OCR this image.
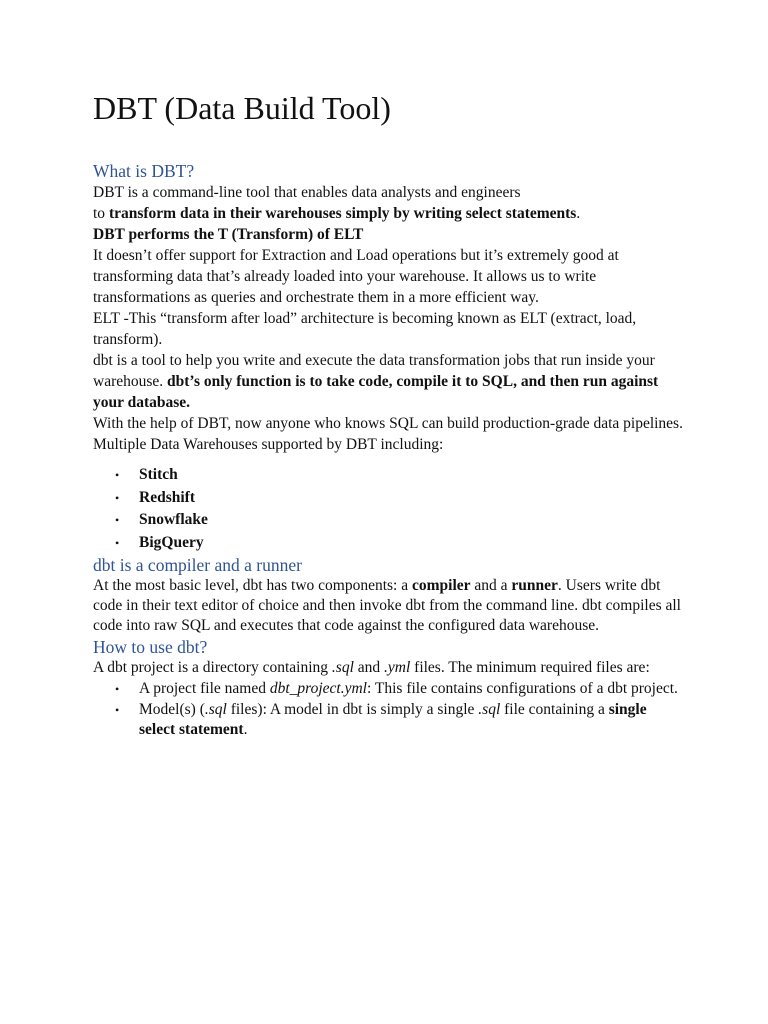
DBT (Data Build Tool)
What is DBT?

DBT is a command-line tool that enables data analysts and engineers
to transform data in their warehouses simply by writing select statements.

DBT performs the T (Transform) of ELT

It doesn’t offer support for Extraction and Load operations but it’s extremely good at transforming data that’s already loaded into your warehouse. It allows us to write transformations as queries and orchestrate them in a more efficient way.

ELT -This “transform after load” architecture is becoming known as ELT (extract, load, transform).

dbt is a tool to help you write and execute the data transformation jobs that run inside your warehouse. dbt’s only function is to take code, compile it to SQL, and then run against your database.

With the help of DBT, now anyone who knows SQL can build production-grade data pipelines.

Multiple Data Warehouses supported by DBT including:

•	Stitch
•	Redshift
•	Snowflake
•	BigQuery
dbt is a compiler and a runner

At the most basic level, dbt has two components: a compiler and a runner. Users write dbt code in their text editor of choice and then invoke dbt from the command line. dbt compiles all code into raw SQL and executes that code against the configured data warehouse.

How to use dbt?

A dbt project is a directory containing .sql and .yml files. The minimum required files are:

•	A project file named dbt_project.yml: This file contains configurations of a dbt project.
•	Model(s) (.sql files): A model in dbt is simply a single .sql file containing a single select statement.
